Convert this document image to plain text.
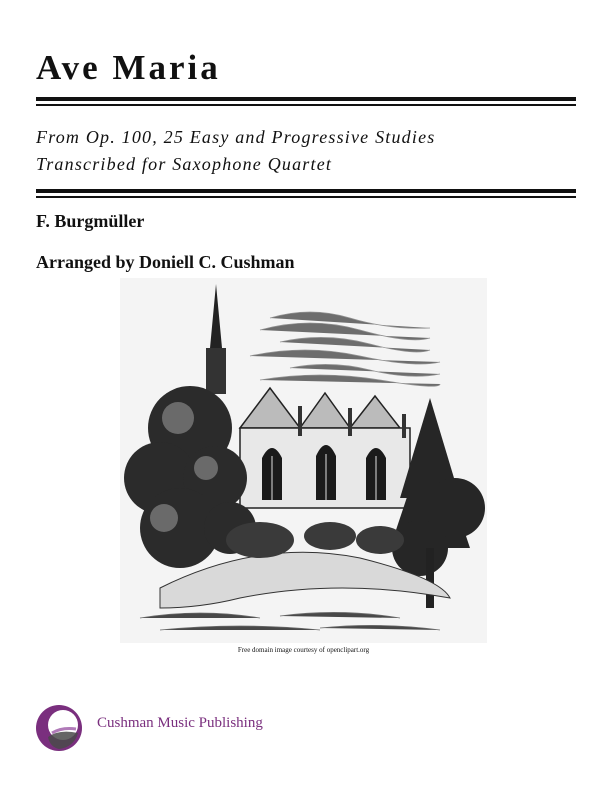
Ave Maria
From Op. 100, 25 Easy and Progressive Studies
Transcribed for Saxophone Quartet
F. Burgmüller
Arranged by Doniell C. Cushman
Free domain image courtesy of openclipart.org
Cushman Music Publishing
